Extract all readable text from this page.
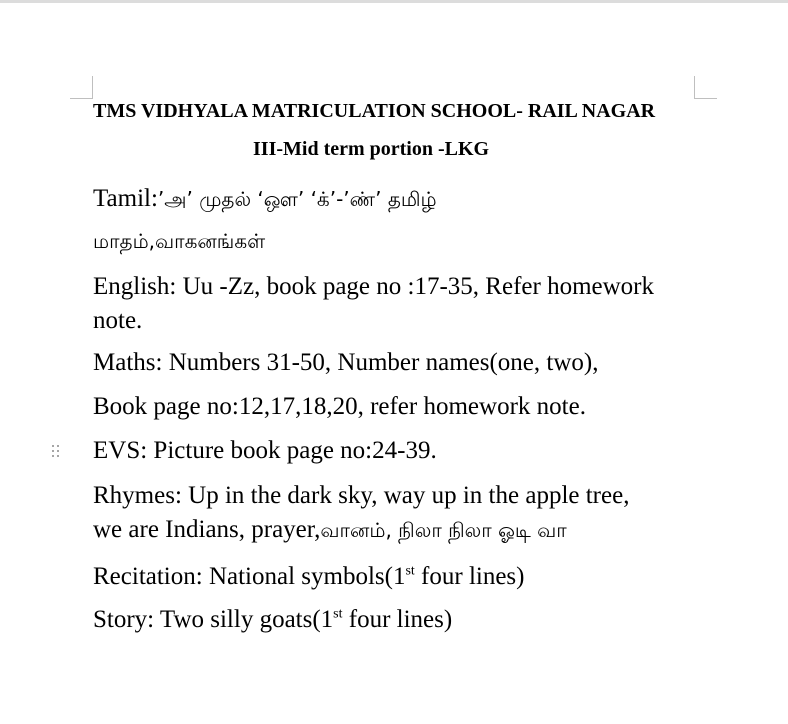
TMS VIDHYALA MATRICULATION SCHOOL- RAIL NAGAR
III-Mid term portion -LKG
Tamil:’அ’ முதல் ‘ஔ’ ‘க்’-’ண்’ தமிழ்
மாதம்,வாகனங்கள்
English: Uu -Zz, book page no :17-35, Refer homework
note.
Maths: Numbers 31-50, Number names(one, two),
Book page no:12,17,18,20, refer homework note.
EVS: Picture book page no:24-39.
Rhymes: Up in the dark sky, way up in the apple tree,
we are Indians, prayer,வானம், நிலா நிலா ஓடி வா
Recitation: National symbols(1st four lines)
Story: Two silly goats(1st four lines)
